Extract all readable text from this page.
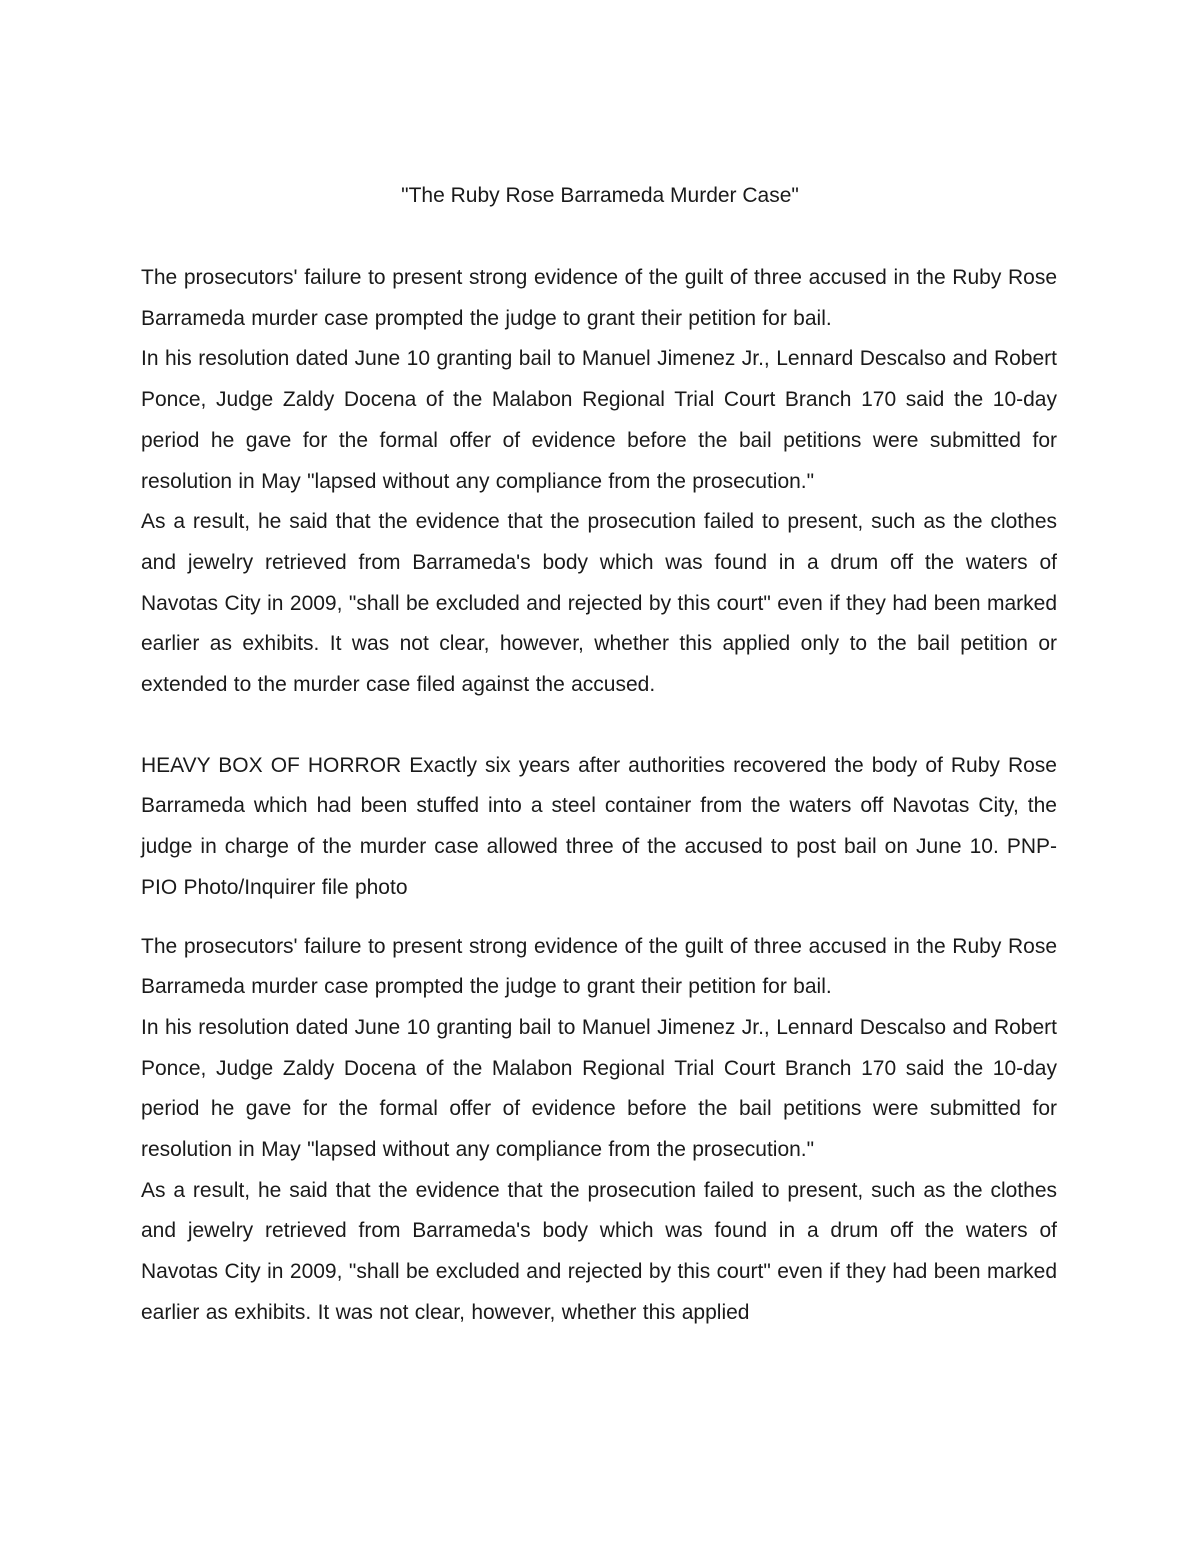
"The Ruby Rose Barrameda Murder Case"

The prosecutors' failure to present strong evidence of the guilt of three accused in the Ruby Rose Barrameda murder case prompted the judge to grant their petition for bail.

In his resolution dated June 10 granting bail to Manuel Jimenez Jr., Lennard Descalso and Robert Ponce, Judge Zaldy Docena of the Malabon Regional Trial Court Branch 170 said the 10-day period he gave for the formal offer of evidence before the bail petitions were submitted for resolution in May "lapsed without any compliance from the prosecution."

As a result, he said that the evidence that the prosecution failed to present, such as the clothes and jewelry retrieved from Barrameda's body which was found in a drum off the waters of Navotas City in 2009, "shall be excluded and rejected by this court" even if they had been marked earlier as exhibits. It was not clear, however, whether this applied only to the bail petition or extended to the murder case filed against the accused.

HEAVY BOX OF HORROR Exactly six years after authorities recovered the body of Ruby Rose Barrameda which had been stuffed into a steel container from the waters off Navotas City, the judge in charge of the murder case allowed three of the accused to post bail on June 10. PNP-PIO Photo/Inquirer file photo

The prosecutors' failure to present strong evidence of the guilt of three accused in the Ruby Rose Barrameda murder case prompted the judge to grant their petition for bail.

In his resolution dated June 10 granting bail to Manuel Jimenez Jr., Lennard Descalso and Robert Ponce, Judge Zaldy Docena of the Malabon Regional Trial Court Branch 170 said the 10-day period he gave for the formal offer of evidence before the bail petitions were submitted for resolution in May "lapsed without any compliance from the prosecution."

As a result, he said that the evidence that the prosecution failed to present, such as the clothes and jewelry retrieved from Barrameda's body which was found in a drum off the waters of Navotas City in 2009, "shall be excluded and rejected by this court" even if they had been marked earlier as exhibits. It was not clear, however, whether this applied
